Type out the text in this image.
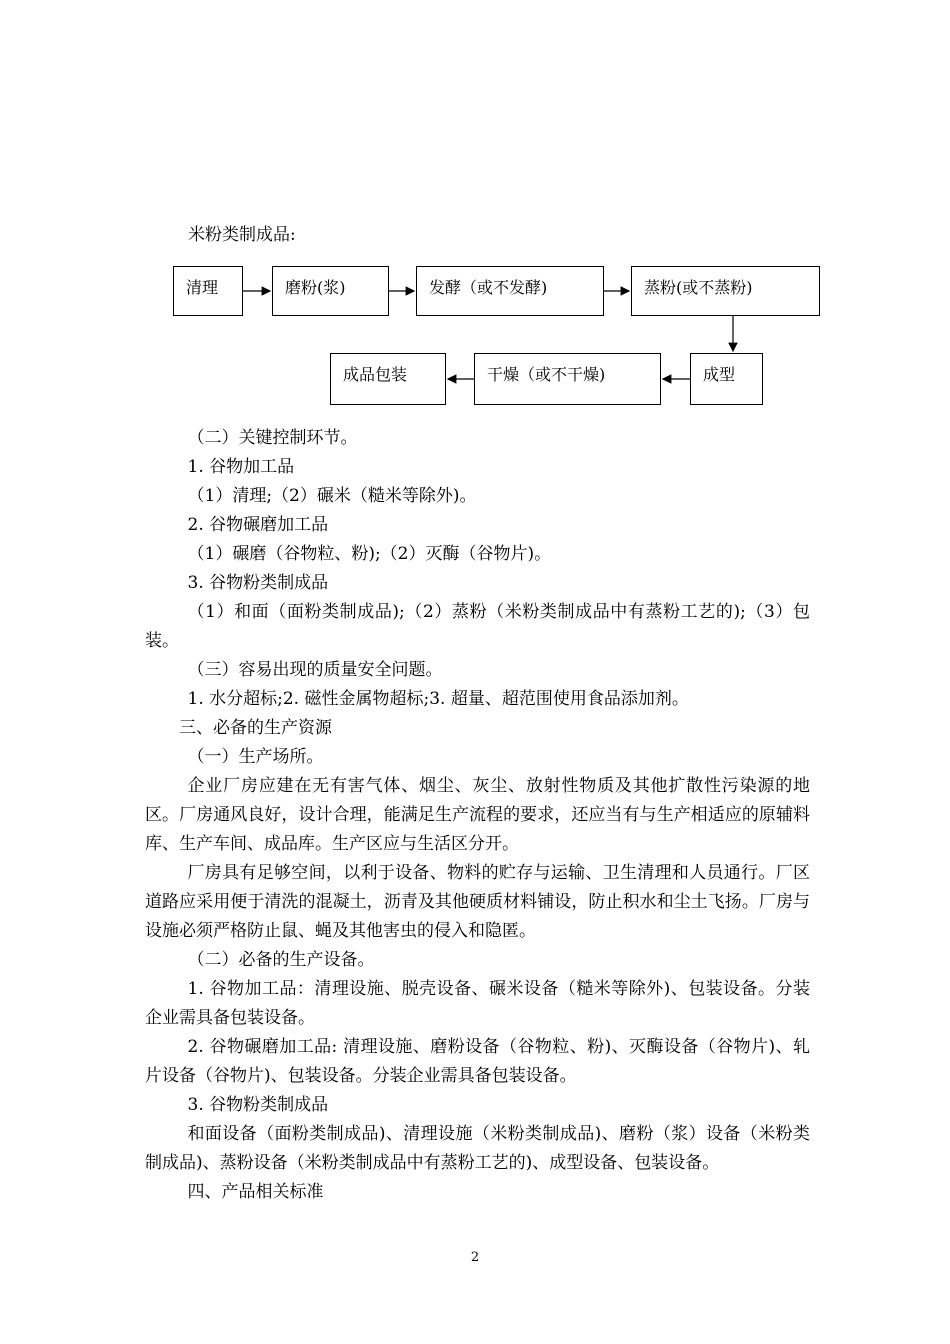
米粉类制成品:
清理	磨粉(浆)	发酵（或不发酵)	蒸粉(或不蒸粉)
成型
干燥（或不干燥)
成品包装

（二）关键控制环节。

1. 谷物加工品

（1）清理;（2）碾米（糙米等除外)。

2. 谷物碾磨加工品

（1）碾磨（谷物粒、粉);（2）灭酶（谷物片)。

3. 谷物粉类制成品

（1）和面（面粉类制成品);（2）蒸粉（米粉类制成品中有蒸粉工艺的);（3）包装。

（三）容易出现的质量安全问题。

1. 水分超标;2. 磁性金属物超标;3. 超量、超范围使用食品添加剂。

三、必备的生产资源

（一）生产场所。

企业厂房应建在无有害气体、烟尘、灰尘、放射性物质及其他扩散性污染源的地区。厂房通风良好，设计合理，能满足生产流程的要求，还应当有与生产相适应的原辅料库、生产车间、成品库。生产区应与生活区分开。

厂房具有足够空间，以利于设备、物料的贮存与运输、卫生清理和人员通行。厂区道路应采用便于清洗的混凝土，沥青及其他硬质材料铺设，防止积水和尘土飞扬。厂房与设施必须严格防止鼠、蝇及其他害虫的侵入和隐匿。

（二）必备的生产设备。

1. 谷物加工品：清理设施、脱壳设备、碾米设备（糙米等除外)、包装设备。分装企业需具备包装设备。

2. 谷物碾磨加工品: 清理设施、磨粉设备（谷物粒、粉)、灭酶设备（谷物片)、轧片设备（谷物片)、包装设备。分装企业需具备包装设备。

3. 谷物粉类制成品

和面设备（面粉类制成品)、清理设施（米粉类制成品)、磨粉（浆）设备（米粉类制成品)、蒸粉设备（米粉类制成品中有蒸粉工艺的)、成型设备、包装设备。

四、产品相关标准

2
